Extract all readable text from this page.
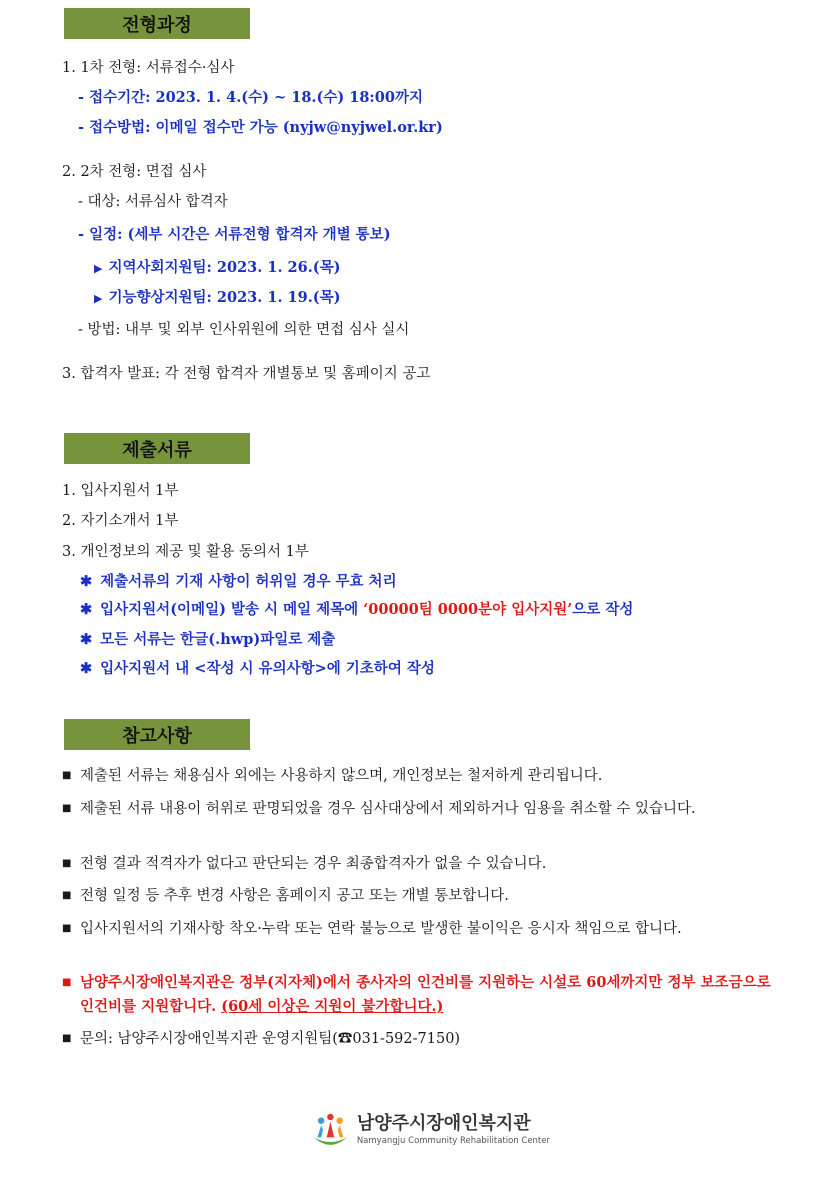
전형과정
1. 1차 전형: 서류접수·심사
- 접수기간: 2023. 1. 4.(수) ~ 18.(수) 18:00까지
- 접수방법: 이메일 접수만 가능 (nyjw@nyjwel.or.kr)
2. 2차 전형: 면접 심사
- 대상: 서류심사 합격자
- 일정: (세부 시간은 서류전형 합격자 개별 통보)
▶ 지역사회지원팀: 2023. 1. 26.(목)
▶ 기능향상지원팀: 2023. 1. 19.(목)
- 방법: 내부 및 외부 인사위원에 의한 면접 심사 실시
3. 합격자 발표: 각 전형 합격자 개별통보 및 홈페이지 공고
제출서류
1. 입사지원서 1부
2. 자기소개서 1부
3. 개인정보의 제공 및 활용 동의서 1부
✱ 제출서류의 기재 사항이 허위일 경우 무효 처리
✱ 입사지원서(이메일) 발송 시 메일 제목에 ‘00000팀 0000분야 입사지원’으로 작성
✱ 모든 서류는 한글(.hwp)파일로 제출
✱ 입사지원서 내 <작성 시 유의사항>에 기초하여 작성
참고사항
■ 제출된 서류는 채용심사 외에는 사용하지 않으며, 개인정보는 철저하게 관리됩니다.
■ 제출된 서류 내용이 허위로 판명되었을 경우 심사대상에서 제외하거나 임용을 취소할 수 있습니다.
■ 전형 결과 적격자가 없다고 판단되는 경우 최종합격자가 없을 수 있습니다.
■ 전형 일정 등 추후 변경 사항은 홈페이지 공고 또는 개별 통보합니다.
■ 입사지원서의 기재사항 착오·누락 또는 연락 불능으로 발생한 불이익은 응시자 책임으로 합니다.
■ 남양주시장애인복지관은 정부(지자체)에서 종사자의 인건비를 지원하는 시설로 60세까지만 정부 보조금으로 인건비를 지원합니다. (60세 이상은 지원이 불가합니다.)
■ 문의: 남양주시장애인복지관 운영지원팀(☎031-592-7150)
남양주시장애인복지관
Namyangju Community Rehabilitation Center
